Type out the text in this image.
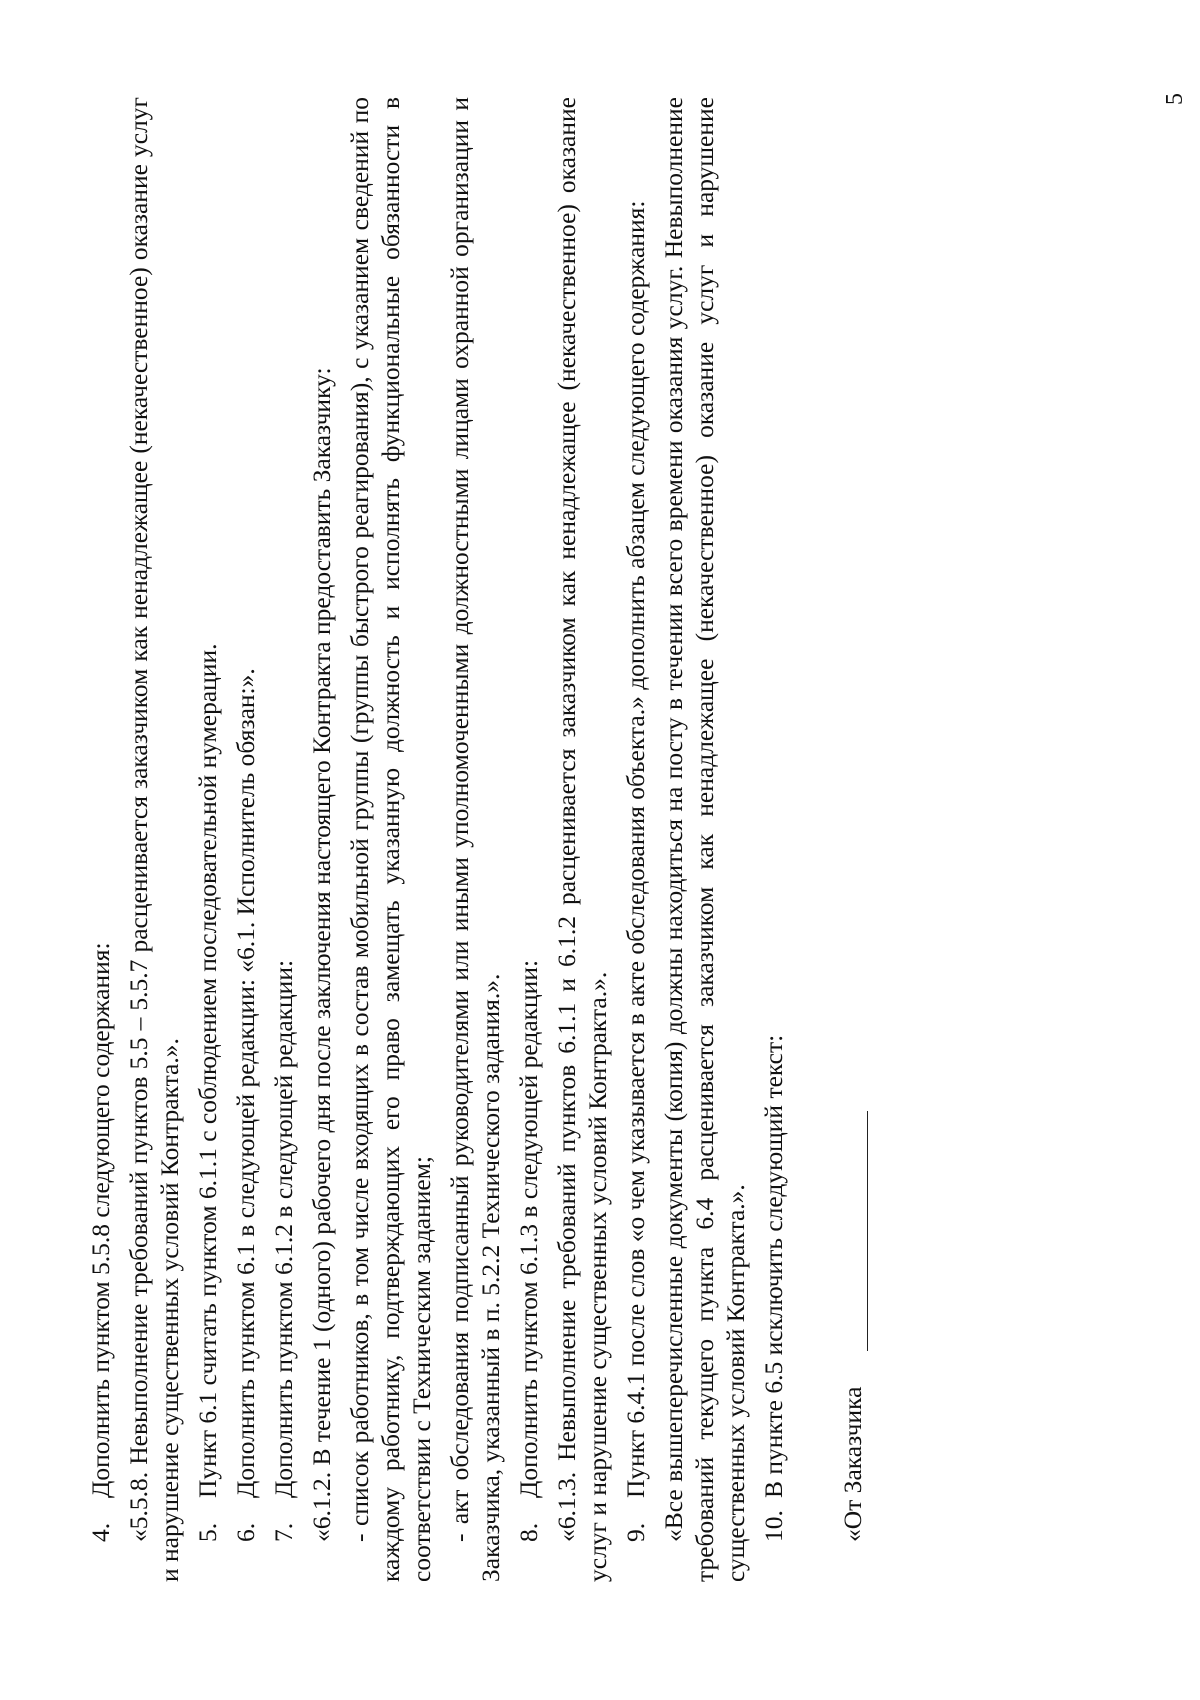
4.Дополнить пунктом 5.5.8 следующего содержания: «5.5.8. Невыполнение требований пунктов 5.5 – 5.5.7 расценивается заказчиком как ненадлежащее (некачественное) оказание услуг и нарушение существенных условий Контракта.». 5.Пункт 6.1 считать пунктом 6.1.1 с соблюдением последовательной нумерации.

6.Дополнить пунктом 6.1 в следующей редакции: «6.1. Исполнитель обязан:».

7.Дополнить пунктом 6.1.2 в следующей редакции: «6.1.2. В течение 1 (одного) рабочего дня после заключения настоящего Контракта предоставить Заказчику: - список работников, в том числе входящих в состав мобильной группы (группы быстрого реагирования), с указанием сведений по каждому работнику, подтверждающих его право замещать указанную должность и исполнять функциональные обязанности в соответствии с Техническим заданием; - акт обследования подписанный руководителями или иными уполномоченными должностными лицами охранной организации и Заказчика, указанный в п. 5.2.2 Технического задания.». 8.Дополнить пунктом 6.1.3 в следующей редакции: «6.1.3. Невыполнение требований пунктов 6.1.1 и 6.1.2 расценивается заказчиком как ненадлежащее (некачественное) оказание услуг и нарушение существенных условий Контракта.». 9.Пункт 6.4.1 после слов «о чем указывается в акте обследования объекта.» дополнить абзацем следующего содержания: «Все вышеперечисленные документы (копия) должны находиться на посту в течении всего времени оказания услуг. Невыполнение требований текущего пункта 6.4 расценивается заказчиком как ненадлежащее (некачественное) оказание услуг и нарушение существенных условий Контракта.». 10.В пункте 6.5 исключить следующий текст: «От Заказчика
5
